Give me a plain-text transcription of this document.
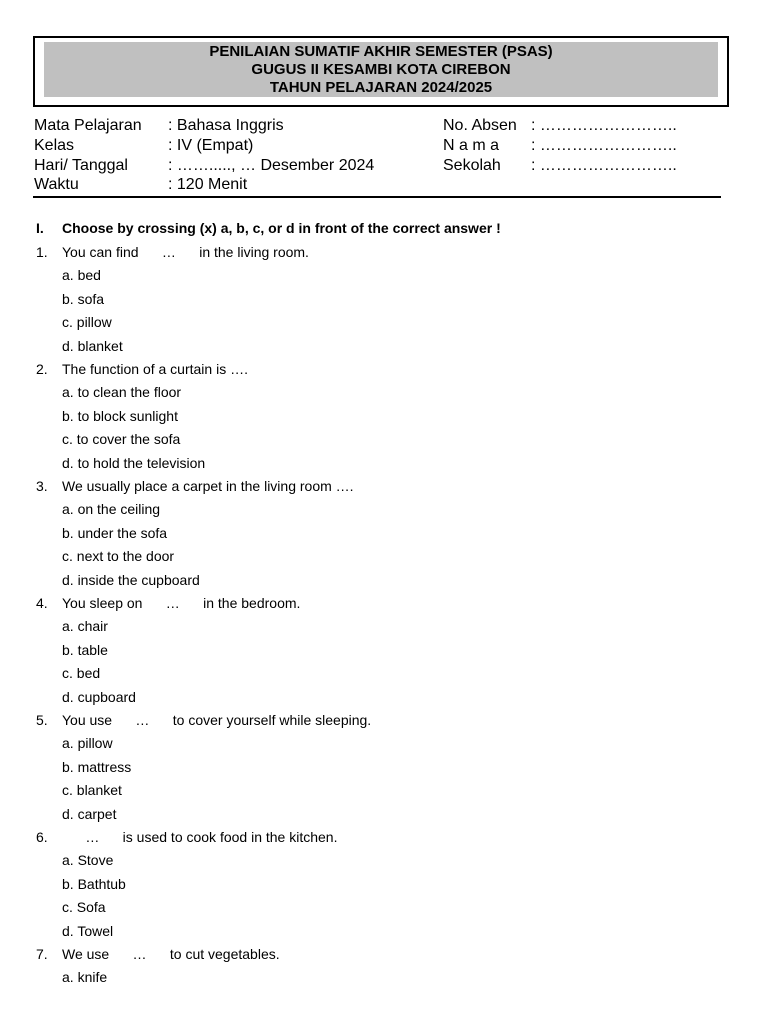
PENILAIAN SUMATIF AKHIR SEMESTER (PSAS)
GUGUS II KESAMBI KOTA CIREBON
TAHUN PELAJARAN 2024/2025
Mata Pelajaran : Bahasa Inggris
Kelas	: IV (Empat)
Hari/ Tanggal	: ……....., … Desember 2024
Waktu	: 120 Menit
No. Absen : ……………………..
N a m a : ……………………..
Sekolah : ……………………..
I. Choose by crossing (x) a, b, c, or d in front of the correct answer !
1. You can find      …      in the living room.
a. bed
b. sofa
c. pillow
d. blanket
2. The function of a curtain is ….
a. to clean the floor
b. to block sunlight
c. to cover the sofa
d. to hold the television
3. We usually place a carpet in the living room ….
a. on the ceiling
b. under the sofa
c. next to the door
d. inside the cupboard
4. You sleep on      …      in the bedroom.
a. chair
b. table
c. bed
d. cupboard
5. You use      …      to cover yourself while sleeping.
a. pillow
b. mattress
c. blanket
d. carpet
6. …      is used to cook food in the kitchen.
a. Stove
b. Bathtub
c. Sofa
d. Towel
7. We use      …      to cut vegetables.
a. knife
